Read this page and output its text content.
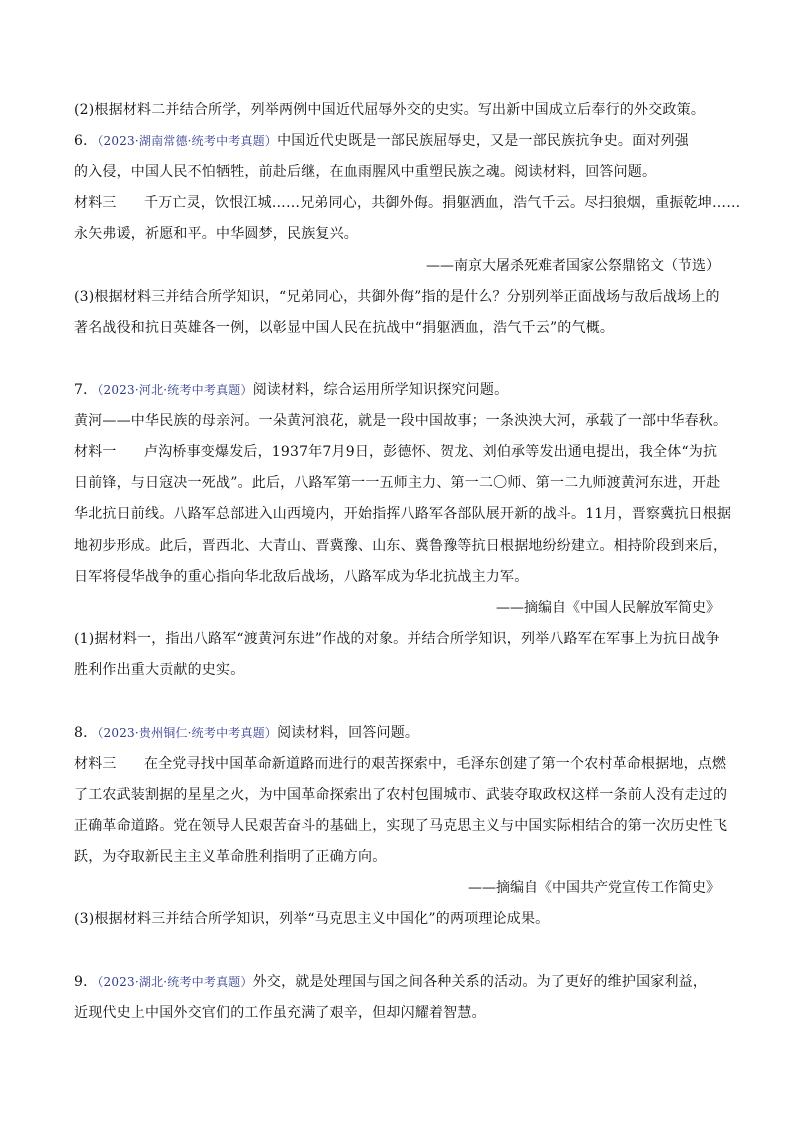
(2)根据材料二并结合所学，列举两例中国近代屈辱外交的史实。写出新中国成立后奉行的外交政策。
6．（2023·湖南常德·统考中考真题）中国近代史既是一部民族屈辱史，又是一部民族抗争史。面对列强
的入侵，中国人民不怕牺牲，前赴后继，在血雨腥风中重塑民族之魂。阅读材料，回答问题。
材料三 千万亡灵，饮恨江城……兄弟同心，共御外侮。捐躯洒血，浩气千云。尽扫狼烟，重振乾坤……
永矢弗谖，祈愿和平。中华圆梦，民族复兴。
——南京大屠杀死难者国家公祭鼎铭文（节选）
(3)根据材料三并结合所学知识，“兄弟同心，共御外侮”指的是什么？分别列举正面战场与敌后战场上的
著名战役和抗日英雄各一例，以彰显中国人民在抗战中“捐躯洒血，浩气千云”的气概。
7．（2023·河北·统考中考真题）阅读材料，综合运用所学知识探究问题。
黄河——中华民族的母亲河。一朵黄河浪花，就是一段中国故事；一条泱泱大河，承载了一部中华春秋。
材料一 卢沟桥事变爆发后，1937年7月9日，彭德怀、贺龙、刘伯承等发出通电提出，我全体“为抗
日前锋，与日寇决一死战”。此后，八路军第一一五师主力、第一二〇师、第一二九师渡黄河东进，开赴
华北抗日前线。八路军总部进入山西境内，开始指挥八路军各部队展开新的战斗。11月，晋察冀抗日根据
地初步形成。此后，晋西北、大青山、晋冀豫、山东、冀鲁豫等抗日根据地纷纷建立。相持阶段到来后，
日军将侵华战争的重心指向华北敌后战场，八路军成为华北抗战主力军。
——摘编自《中国人民解放军简史》
(1)据材料一，指出八路军“渡黄河东进”作战的对象。并结合所学知识，列举八路军在军事上为抗日战争
胜利作出重大贡献的史实。
8．（2023·贵州铜仁·统考中考真题）阅读材料，回答问题。
材料三 在全党寻找中国革命新道路而进行的艰苦探索中，毛泽东创建了第一个农村革命根据地，点燃
了工农武装割据的星星之火，为中国革命探索出了农村包围城市、武装夺取政权这样一条前人没有走过的
正确革命道路。党在领导人民艰苦奋斗的基础上，实现了马克思主义与中国实际相结合的第一次历史性飞
跃，为夺取新民主主义革命胜利指明了正确方向。
——摘编自《中国共产党宣传工作简史》
(3)根据材料三并结合所学知识，列举“马克思主义中国化”的两项理论成果。
9．（2023·湖北·统考中考真题）外交，就是处理国与国之间各种关系的活动。为了更好的维护国家利益，
近现代史上中国外交官们的工作虽充满了艰辛，但却闪耀着智慧。
